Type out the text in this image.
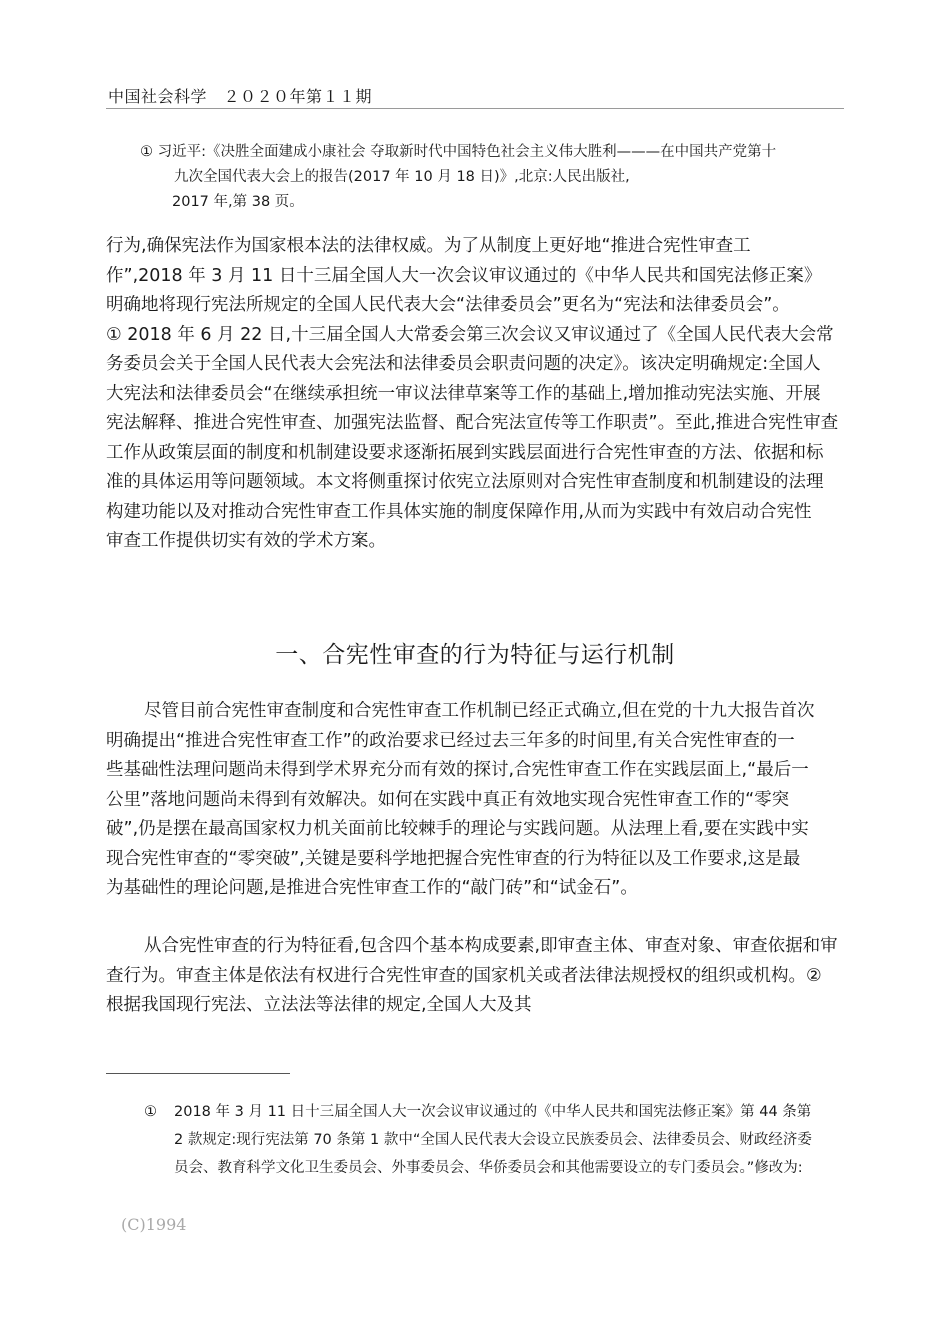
中国社会科学　２０２０年第１１期
① 习近平:《决胜全面建成小康社会 夺取新时代中国特色社会主义伟大胜利———在中国共产党第十
九次全国代表大会上的报告(2017 年 10 月 18 日)》,北京:人民出版社,
2017 年,第 38 页。
行为,确保宪法作为国家根本法的法律权威。为了从制度上更好地“推进合宪性审查工
作”,2018 年 3 月 11 日十三届全国人大一次会议审议通过的《中华人民共和国宪法修正案》
明确地将现行宪法所规定的全国人民代表大会“法律委员会”更名为“宪法和法律委员会”。
① 2018 年 6 月 22 日,十三届全国人大常委会第三次会议又审议通过了《全国人民代表大会常
务委员会关于全国人民代表大会宪法和法律委员会职责问题的决定》。该决定明确规定:全国人
大宪法和法律委员会“在继续承担统一审议法律草案等工作的基础上,增加推动宪法实施、开展
宪法解释、推进合宪性审查、加强宪法监督、配合宪法宣传等工作职责”。至此,推进合宪性审查
工作从政策层面的制度和机制建设要求逐渐拓展到实践层面进行合宪性审查的方法、依据和标
准的具体运用等问题领域。本文将侧重探讨依宪立法原则对合宪性审查制度和机制建设的法理
构建功能以及对推动合宪性审查工作具体实施的制度保障作用,从而为实践中有效启动合宪性
审查工作提供切实有效的学术方案。
一、合宪性审查的行为特征与运行机制
尽管目前合宪性审查制度和合宪性审查工作机制已经正式确立,但在党的十九大报告首次
明确提出“推进合宪性审查工作”的政治要求已经过去三年多的时间里,有关合宪性审查的一
些基础性法理问题尚未得到学术界充分而有效的探讨,合宪性审查工作在实践层面上,“最后一
公里”落地问题尚未得到有效解决。如何在实践中真正有效地实现合宪性审查工作的“零突
破”,仍是摆在最高国家权力机关面前比较棘手的理论与实践问题。从法理上看,要在实践中实
现合宪性审查的“零突破”,关键是要科学地把握合宪性审查的行为特征以及工作要求,这是最
为基础性的理论问题,是推进合宪性审查工作的“敲门砖”和“试金石”。
从合宪性审查的行为特征看,包含四个基本构成要素,即审查主体、审查对象、审查依据和审
查行为。审查主体是依法有权进行合宪性审查的国家机关或者法律法规授权的组织或机构。②
根据我国现行宪法、立法法等法律的规定,全国人大及其
① 2018 年 3 月 11 日十三届全国人大一次会议审议通过的《中华人民共和国宪法修正案》第 44 条第
2 款规定:现行宪法第 70 条第 1 款中“全国人民代表大会设立民族委员会、法律委员会、财政经济委
员会、教育科学文化卫生委员会、外事委员会、华侨委员会和其他需要设立的专门委员会。”修改为:
(C)1994
